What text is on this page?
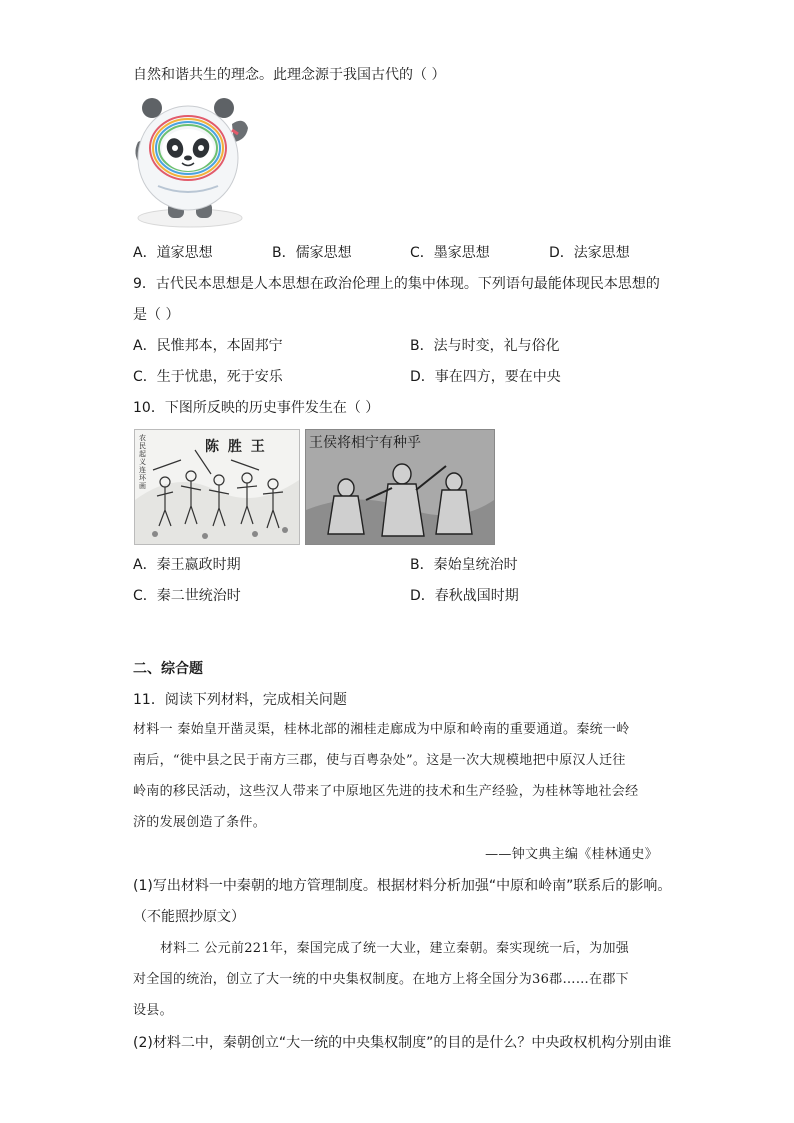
自然和谐共生的理念。此理念源于我国古代的（ ）
A．道家思想	B．儒家思想	C．墨家思想	D．法家思想
9．古代民本思想是人本思想在政治伦理上的集中体现。下列语句最能体现民本思想的
是（ ）
A．民惟邦本，本固邦宁	B．法与时变，礼与俗化
C．生于忧患，死于安乐	D．事在四方，要在中央
10．下图所反映的历史事件发生在（ ）
农民起义连环画
陈 胜 王	王侯将相宁有种乎
A．秦王嬴政时期	B．秦始皇统治时
C．秦二世统治时	D．春秋战国时期
二、综合题
11．阅读下列材料，完成相关问题
材料一 秦始皇开凿灵渠，桂林北部的湘桂走廊成为中原和岭南的重要通道。秦统一岭
南后，“徙中县之民于南方三郡，使与百粤杂处”。这是一次大规模地把中原汉人迁往
岭南的移民活动，这些汉人带来了中原地区先进的技术和生产经验，为桂林等地社会经
济的发展创造了条件。
——钟文典主编《桂林通史》
(1)写出材料一中秦朝的地方管理制度。根据材料分析加强“中原和岭南”联系后的影响。
（不能照抄原文）
材料二 公元前221年，秦国完成了统一大业，建立秦朝。秦实现统一后，为加强
对全国的统治，创立了大一统的中央集权制度。在地方上将全国分为36郡……在郡下
设县。
(2)材料二中，秦朝创立“大一统的中央集权制度”的目的是什么？中央政权机构分别由谁
